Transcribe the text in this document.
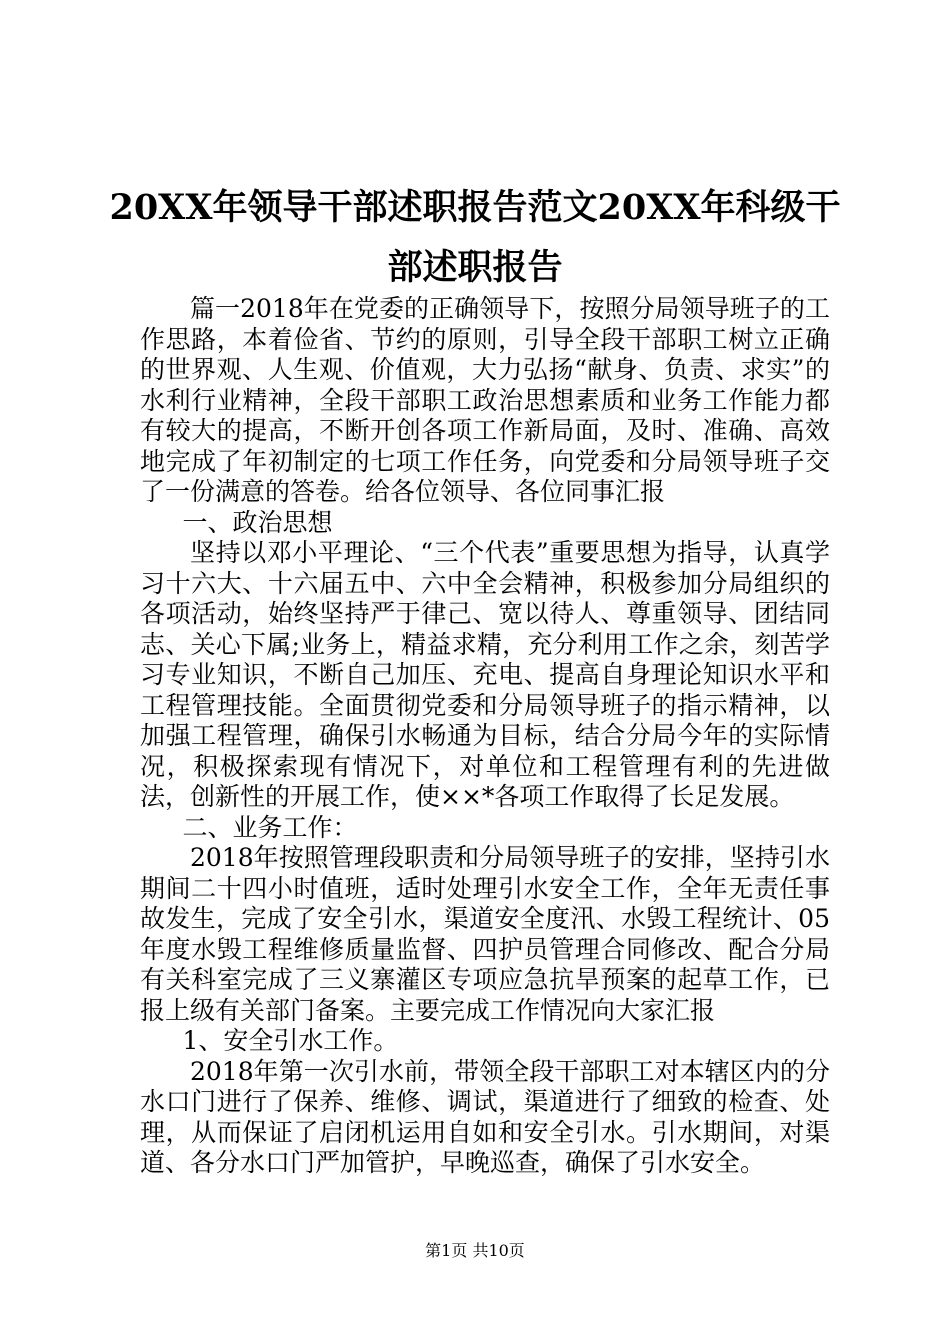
20XX年领导干部述职报告范文20XX年科级干部述职报告

篇一2018年在党委的正确领导下，按照分局领导班子的工作思路，本着俭省、节约的原则，引导全段干部职工树立正确的世界观、人生观、价值观，大力弘扬“献身、负责、求实”的水利行业精神，全段干部职工政治思想素质和业务工作能力都有较大的提高，不断开创各项工作新局面，及时、准确、高效地完成了年初制定的七项工作任务，向党委和分局领导班子交了一份满意的答卷。给各位领导、各位同事汇报

一、政治思想

坚持以邓小平理论、“三个代表”重要思想为指导，认真学习十六大、十六届五中、六中全会精神，积极参加分局组织的各项活动，始终坚持严于律己、宽以待人、尊重领导、团结同志、关心下属;业务上，精益求精，充分利用工作之余，刻苦学习专业知识，不断自己加压、充电、提高自身理论知识水平和工程管理技能。全面贯彻党委和分局领导班子的指示精神，以加强工程管理，确保引水畅通为目标，结合分局今年的实际情况，积极探索现有情况下，对单位和工程管理有利的先进做法，创新性的开展工作，使××*各项工作取得了长足发展。

二、业务工作：

2018年按照管理段职责和分局领导班子的安排，坚持引水期间二十四小时值班，适时处理引水安全工作，全年无责任事故发生，完成了安全引水，渠道安全度汛、水毁工程统计、05年度水毁工程维修质量监督、四护员管理合同修改、配合分局有关科室完成了三义寨灌区专项应急抗旱预案的起草工作，已报上级有关部门备案。主要完成工作情况向大家汇报

1、安全引水工作。

2018年第一次引水前，带领全段干部职工对本辖区内的分水口门进行了保养、维修、调试，渠道进行了细致的检查、处理，从而保证了启闭机运用自如和安全引水。引水期间，对渠道、各分水口门严加管护，早晚巡查，确保了引水安全。

第1页 共10页
